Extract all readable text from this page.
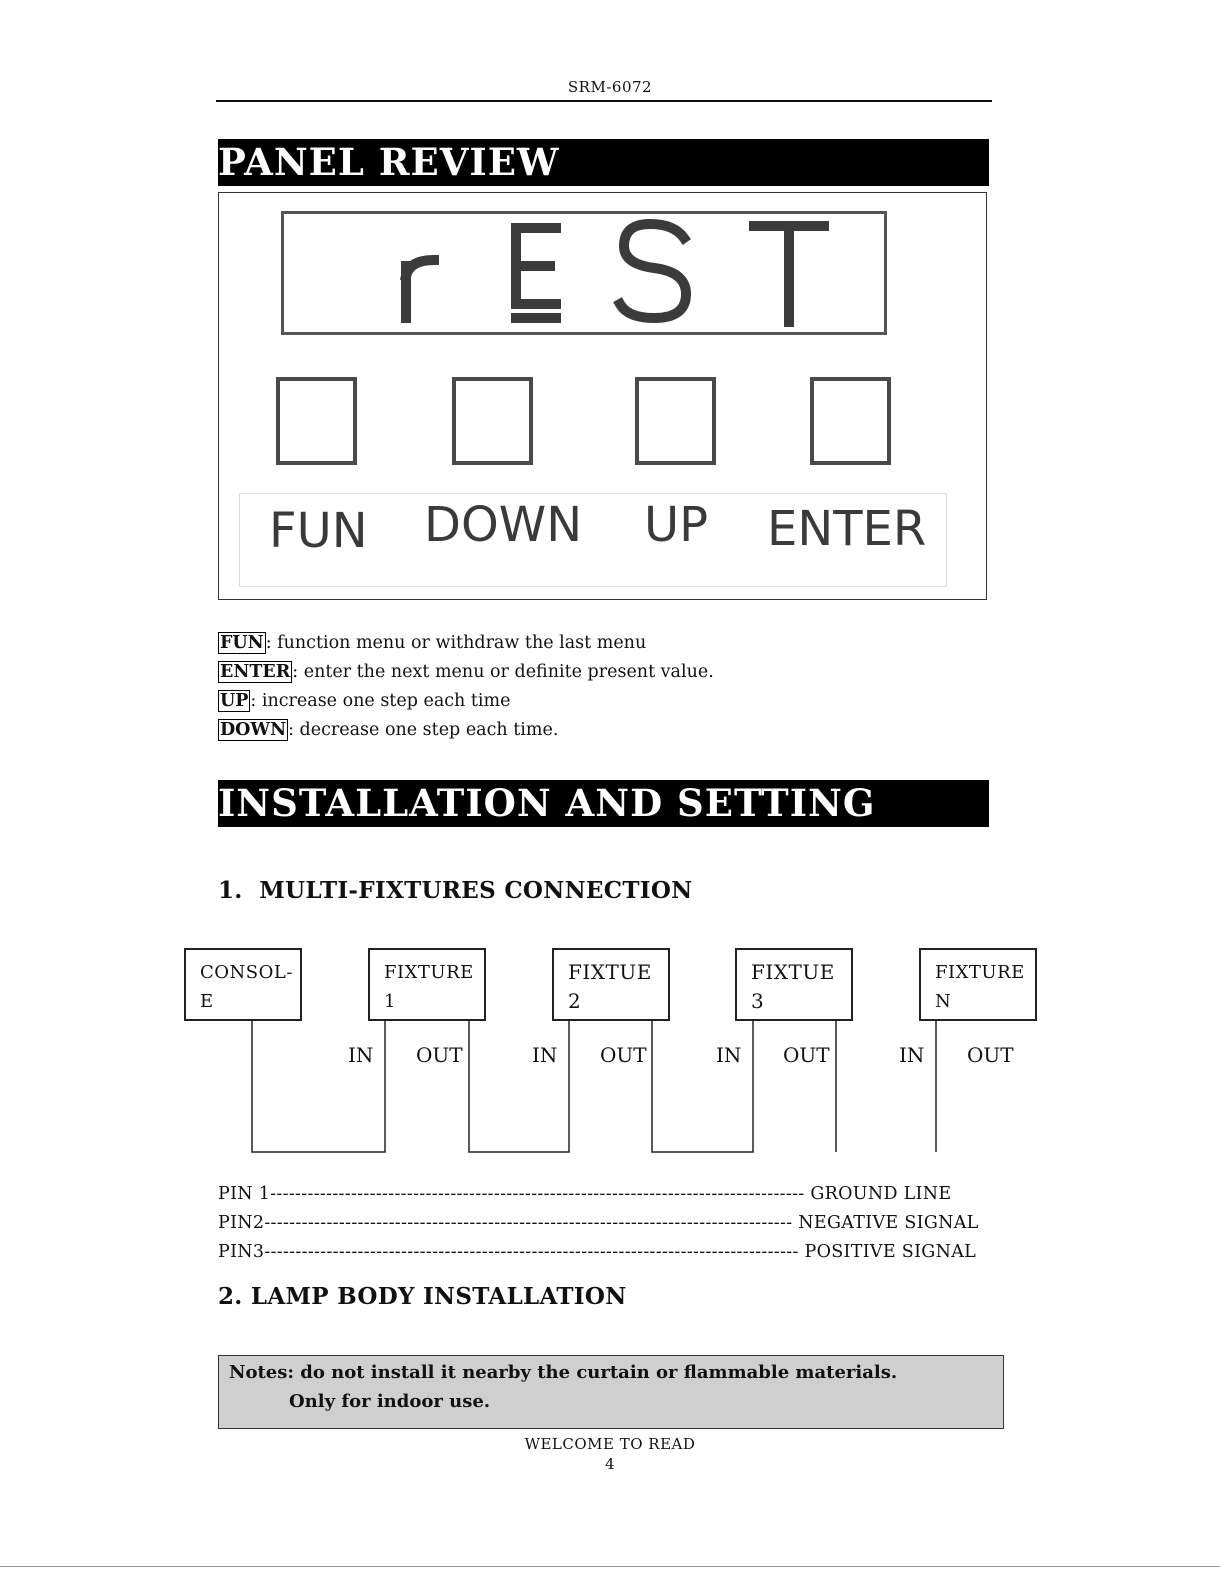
SRM-6072
PANEL REVIEW
FUN DOWN UP ENTER
FUN : function menu or withdraw the last menu
ENTER : enter the next menu or definite present value.
UP : increase one step each time
DOWN : decrease one step each time.
INSTALLATION AND SETTING
1.  MULTI-FIXTURES CONNECTION
CONSOL-
E
FIXTURE
1
FIXTUE
2
FIXTUE
3
FIXTURE
N
IN OUT	IN OUT	IN OUT	IN OUT
PIN 1-------------------------------------------------------------------------------------- GROUND LINE
PIN2------------------------------------------------------------------------------------- NEGATIVE SIGNAL
PIN3-------------------------------------------------------------------------------------- POSITIVE SIGNAL
2. LAMP BODY INSTALLATION
Notes: do not install it nearby the curtain or flammable materials.
Only for indoor use.
WELCOME TO READ
4
